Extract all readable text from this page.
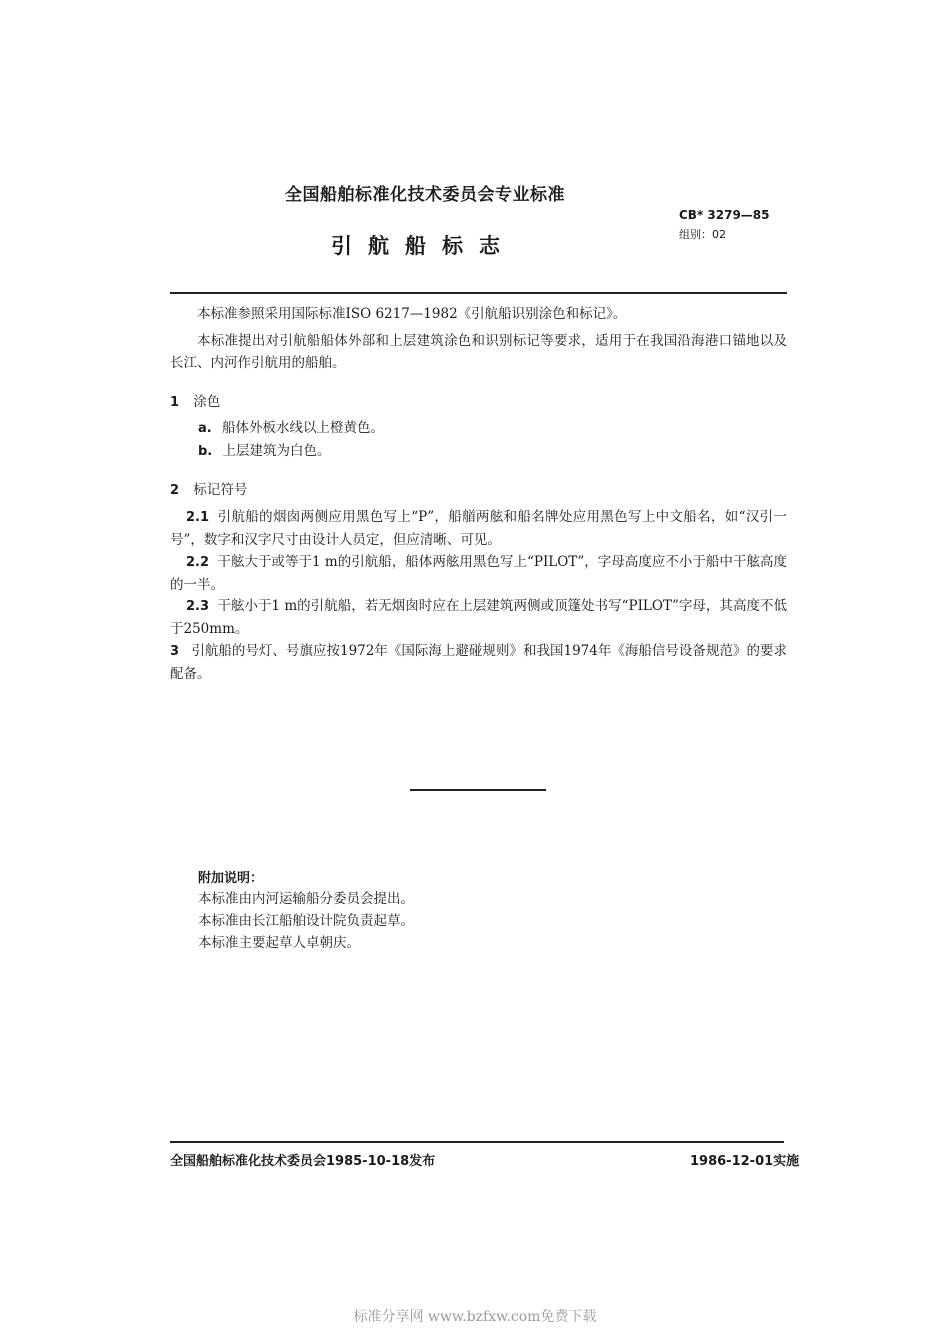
全国船舶标准化技术委员会专业标准
CB* 3279—85
组别：02
引航船标志
本标准参照采用国际标准ISO 6217—1982《引航船识别涂色和标记》。
本标准提出对引航船船体外部和上层建筑涂色和识别标记等要求，适用于在我国沿海港口锚地以及长江、内河作引航用的船舶。
1 涂色
a. 船体外板水线以上橙黄色。
b. 上层建筑为白色。
2 标记符号
2.1 引航船的烟囱两侧应用黑色写上“P”，船艏两舷和船名牌处应用黑色写上中文船名，如“汉引一号”，数字和汉字尺寸由设计人员定，但应清晰、可见。
2.2 干舷大于或等于1 m的引航船，船体两舷用黑色写上“PILOT”，字母高度应不小于船中干舷高度的一半。
2.3 干舷小于1 m的引航船，若无烟囱时应在上层建筑两侧或顶篷处书写“PILOT”字母，其高度不低于250mm。
3 引航船的号灯、号旗应按1972年《国际海上避碰规则》和我国1974年《海船信号设备规范》的要求配备。
附加说明：
本标准由内河运输船分委员会提出。
本标准由长江船舶设计院负责起草。
本标准主要起草人卓朝庆。
全国船舶标准化技术委员会1985-10-18发布	1986-12-01实施
标准分享网 www.bzfxw.com免费下载
